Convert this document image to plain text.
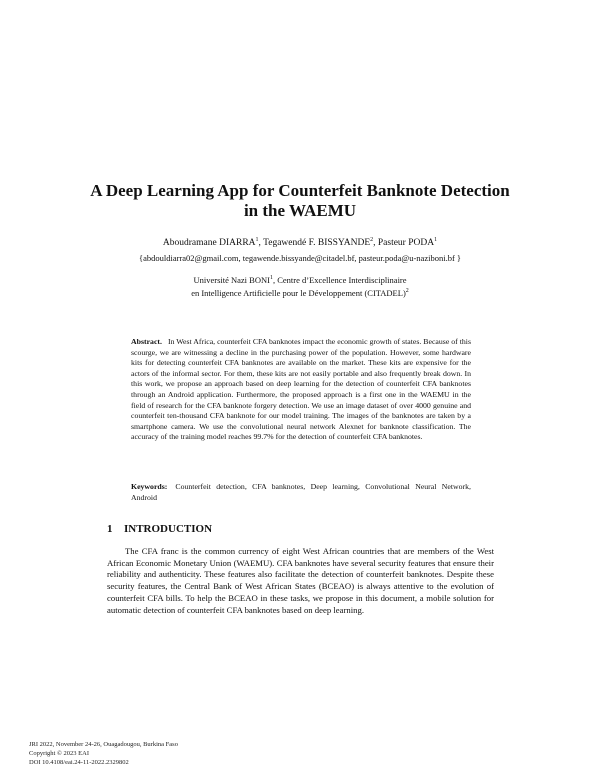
A Deep Learning App for Counterfeit Banknote Detection
in the WAEMU
Aboudramane DIARRA$^1$, Tegawendé F. BISSYANDE$^2$, Pasteur PODA$^1$
{abdouldiarra02@gmail.com, tegawende.bissyande@citadel.bf, pasteur.poda@u-naziboni.bf }
Université Nazi BONI$^1$, Centre d’Excellence Interdisciplinaire
en Intelligence Artificielle pour le Développement (CITADEL)$^2$

Abstract. In West Africa, counterfeit CFA banknotes impact the economic growth of states. Because of this scourge, we are witnessing a decline in the purchasing power of the population. However, some hardware kits for detecting counterfeit CFA banknotes are available on the market. These kits are expensive for the actors of the informal sector. For them, these kits are not easily portable and also frequently break down. In this work, we propose an approach based on deep learning for the detection of counterfeit CFA banknotes through an Android application. Furthermore, the proposed approach is a first one in the WAEMU in the field of research for the CFA banknote forgery detection. We use an image dataset of over 4000 genuine and counterfeit ten-thousand CFA banknote for our model training. The images of the banknotes are taken by a smartphone camera. We use the convolutional neural network Alexnet for banknote classification. The accuracy of the training model reaches 99.7% for the detection of counterfeit CFA banknotes.

Keywords: Counterfeit detection, CFA banknotes, Deep learning, Convolutional Neural Network, Android

1 INTRODUCTION

The CFA franc is the common currency of eight West African countries that are members of the West African Economic Monetary Union (WAEMU). CFA banknotes have several security features that ensure their reliability and authenticity. These features also facilitate the detection of counterfeit banknotes. Despite these security features, the Central Bank of West African States (BCEAO) is always attentive to the evolution of counterfeit CFA bills. To help the BCEAO in these tasks, we propose in this document, a mobile solution for automatic detection of counterfeit CFA banknotes based on deep learning.

JRI 2022, November 24-26, Ouagadougou, Burkina Faso
Copyright © 2023 EAI
DOI 10.4108/eai.24-11-2022.2329802
